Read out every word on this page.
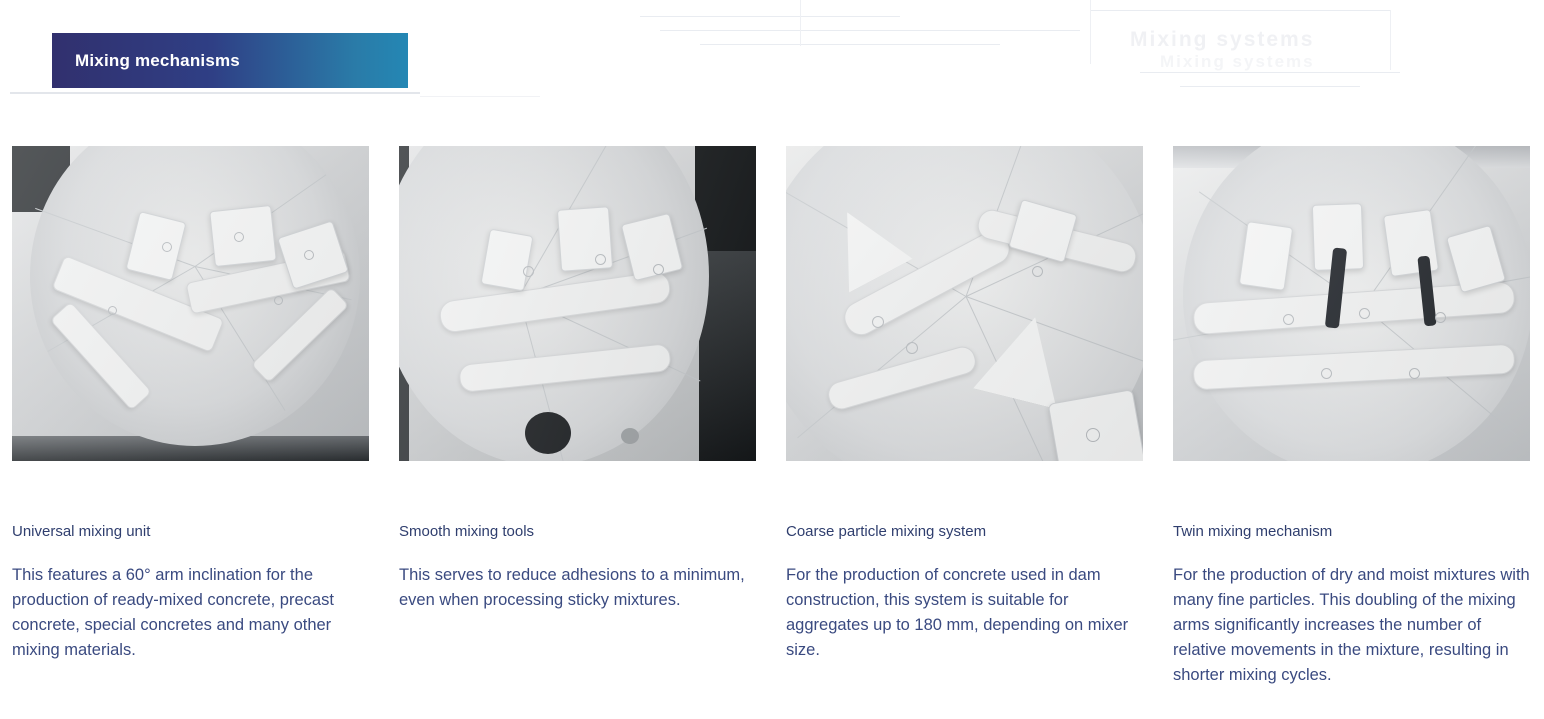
Mixing systems
Mixing systems
Mixing mechanisms
Universal mixing unit
This features a 60° arm inclination for the production of ready-mixed concrete, precast concrete, special concretes and many other mixing materials.
Smooth mixing tools
This serves to reduce adhesions to a minimum, even when processing sticky mixtures.
Coarse particle mixing system
For the production of concrete used in dam construction, this system is suitable for aggregates up to 180 mm, depending on mixer size.
Twin mixing mechanism
For the production of dry and moist mixtures with many fine particles. This doubling of the mixing arms significantly increases the number of relative movements in the mixture, resulting in shorter mixing cycles.
